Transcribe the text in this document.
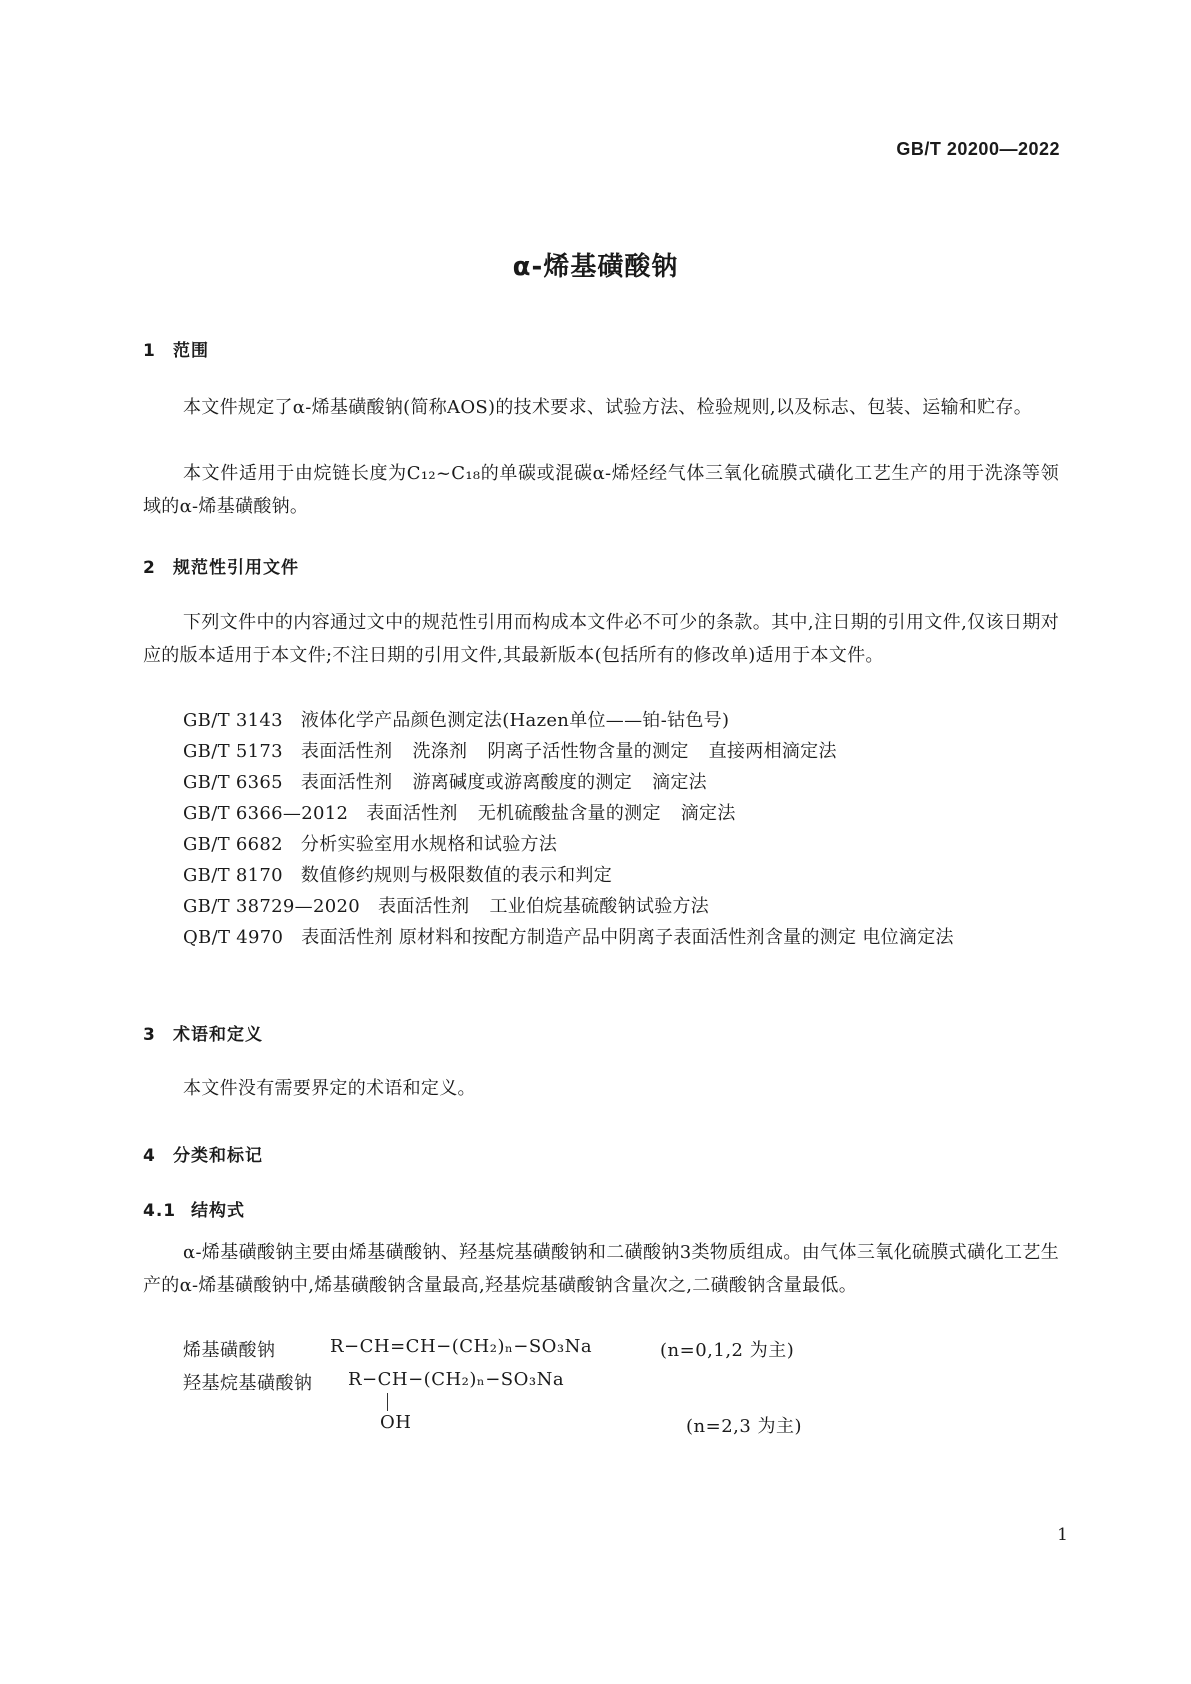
GB/T 20200—2022
α-烯基磺酸钠
1 范围
本文件规定了α-烯基磺酸钠(简称AOS)的技术要求、试验方法、检验规则,以及标志、包装、运输和贮存。
本文件适用于由烷链长度为C₁₂~C₁₈的单碳或混碳α-烯烃经气体三氧化硫膜式磺化工艺生产的用于洗涤等领域的α-烯基磺酸钠。
2 规范性引用文件
下列文件中的内容通过文中的规范性引用而构成本文件必不可少的条款。其中,注日期的引用文件,仅该日期对应的版本适用于本文件;不注日期的引用文件,其最新版本(包括所有的修改单)适用于本文件。
GB/T 3143 液体化学产品颜色测定法(Hazen单位——铂-钴色号)
GB/T 5173 表面活性剂 洗涤剂 阴离子活性物含量的测定 直接两相滴定法
GB/T 6365 表面活性剂 游离碱度或游离酸度的测定 滴定法
GB/T 6366—2012 表面活性剂 无机硫酸盐含量的测定 滴定法
GB/T 6682 分析实验室用水规格和试验方法
GB/T 8170 数值修约规则与极限数值的表示和判定
GB/T 38729—2020 表面活性剂 工业伯烷基硫酸钠试验方法
QB/T 4970 表面活性剂 原材料和按配方制造产品中阴离子表面活性剂含量的测定 电位滴定法
3 术语和定义
本文件没有需要界定的术语和定义。
4 分类和标记
4.1 结构式
α-烯基磺酸钠主要由烯基磺酸钠、羟基烷基磺酸钠和二磺酸钠3类物质组成。由气体三氧化硫膜式磺化工艺生产的α-烯基磺酸钠中,烯基磺酸钠含量最高,羟基烷基磺酸钠含量次之,二磺酸钠含量最低。
烯基磺酸钠	R−CH=CH−(CH₂)ₙ−SO₃Na	(n=0,1,2 为主)
羟基烷基磺酸钠 R−CH−(CH₂)ₙ−SO₃Na
OH	(n=2,3 为主)
1
